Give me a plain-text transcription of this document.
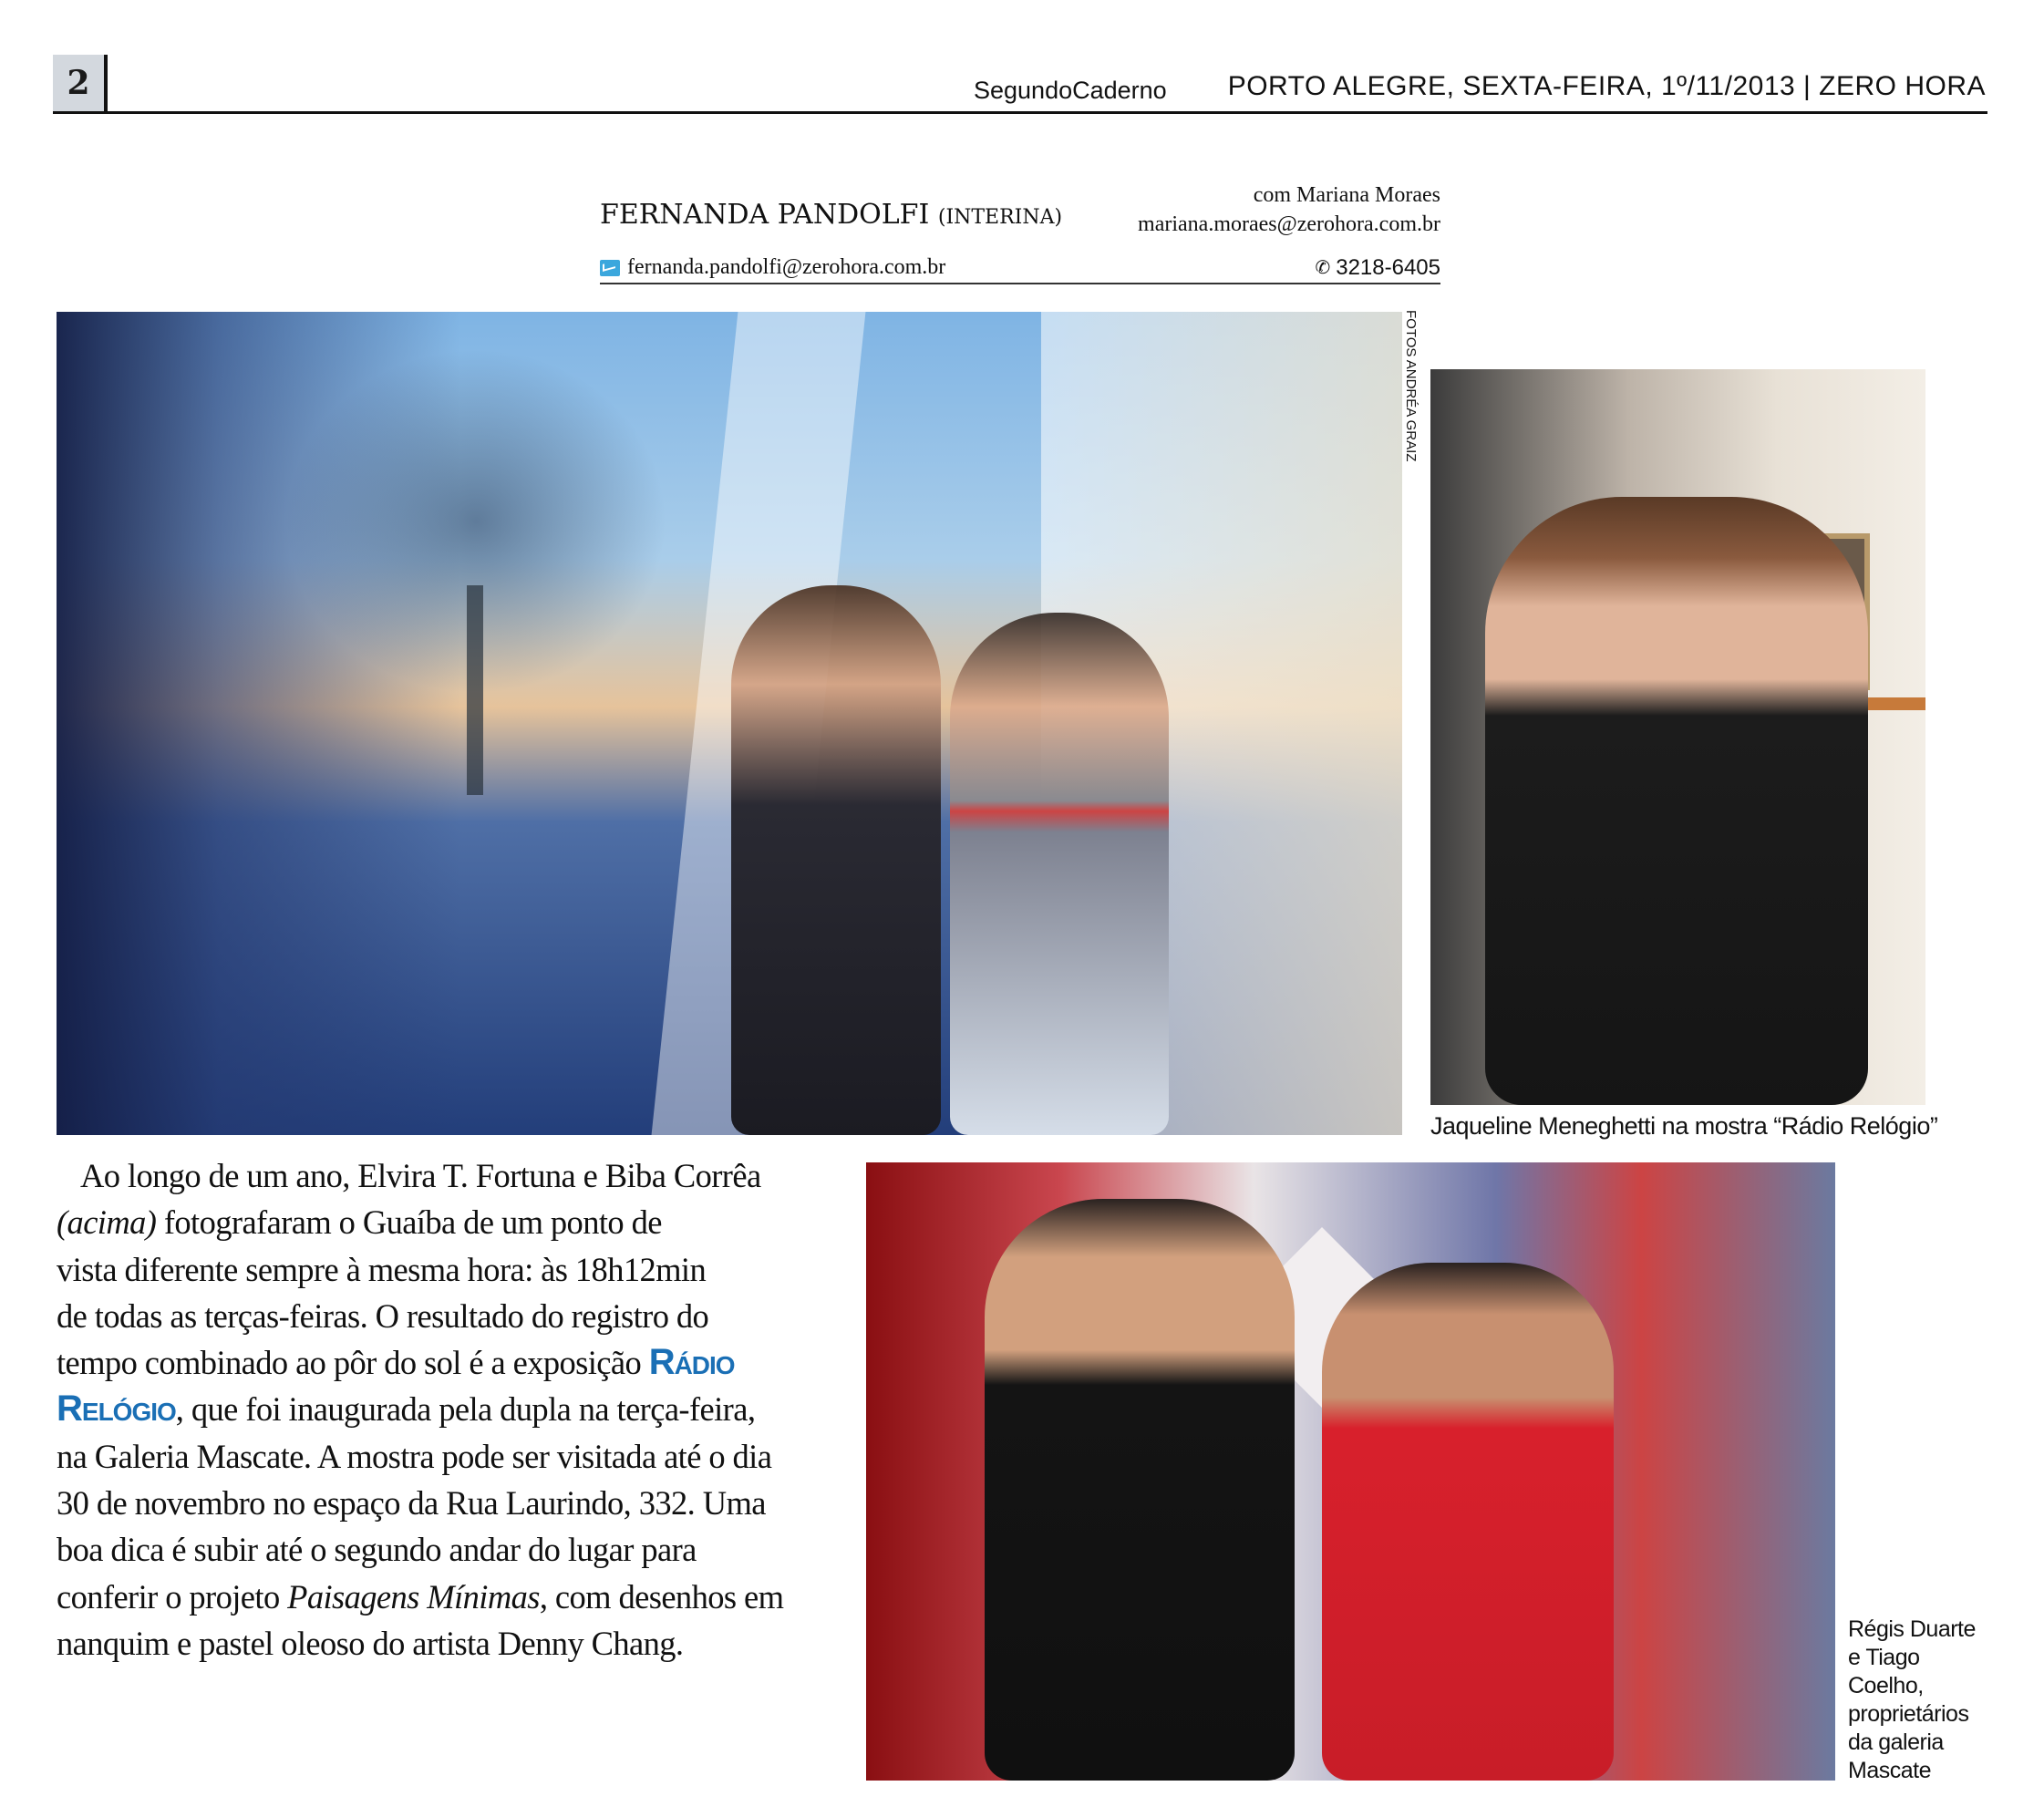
2	SegundoCaderno PORTO ALEGRE, SEXTA-FEIRA, 1º/11/2013 | ZERO HORA
FERNANDA PANDOLFI (INTERINA)
com Mariana Moraes
mariana.moraes@zerohora.com.br
fernanda.pandolfi@zerohora.com.br	✆ 3218-6405
FOTOS ANDRÉA GRAIZ
Jaqueline Meneghetti na mostra “Rádio Relógio”
Ao longo de um ano, Elvira T. Fortuna e Biba Corrêa
(acima) fotografaram o Guaíba de um ponto de
vista diferente sempre à mesma hora: às 18h12min
de todas as terças-feiras. O resultado do registro do
tempo combinado ao pôr do sol é a exposição Rádio
Relógio, que foi inaugurada pela dupla na terça-feira,
na Galeria Mascate. A mostra pode ser visitada até o dia
30 de novembro no espaço da Rua Laurindo, 332. Uma
boa dica é subir até o segundo andar do lugar para
conferir o projeto Paisagens Mínimas, com desenhos em
nanquim e pastel oleoso do artista Denny Chang.	Régis Duarte
e Tiago
Coelho,
proprietários
da galeria
Mascate
